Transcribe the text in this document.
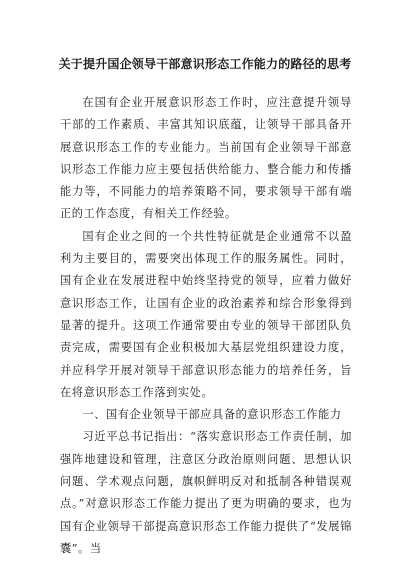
关于提升国企领导干部意识形态工作能力的路径的思考

在国有企业开展意识形态工作时，应注意提升领导干部的工作素质、丰富其知识底蕴，让领导干部具备开展意识形态工作的专业能力。当前国有企业领导干部意识形态工作能力应主要包括供给能力、整合能力和传播能力等，不同能力的培养策略不同，要求领导干部有端正的工作态度，有相关工作经验。

国有企业之间的一个共性特征就是企业通常不以盈利为主要目的，需要突出体现工作的服务属性。同时，国有企业在发展进程中始终坚持党的领导，应着力做好意识形态工作，让国有企业的政治素养和综合形象得到显著的提升。这项工作通常要由专业的领导干部团队负责完成，需要国有企业积极加大基层党组织建设力度，并应科学开展对领导干部意识形态能力的培养任务，旨在将意识形态工作落到实处。

一、国有企业领导干部应具备的意识形态工作能力

习近平总书记指出：“落实意识形态工作责任制，加强阵地建设和管理，注意区分政治原则问题、思想认识问题、学术观点问题，旗帜鲜明反对和抵制各种错误观点。”对意识形态工作能力提出了更为明确的要求，也为国有企业领导干部提高意识形态工作能力提供了“发展锦囊”。当
